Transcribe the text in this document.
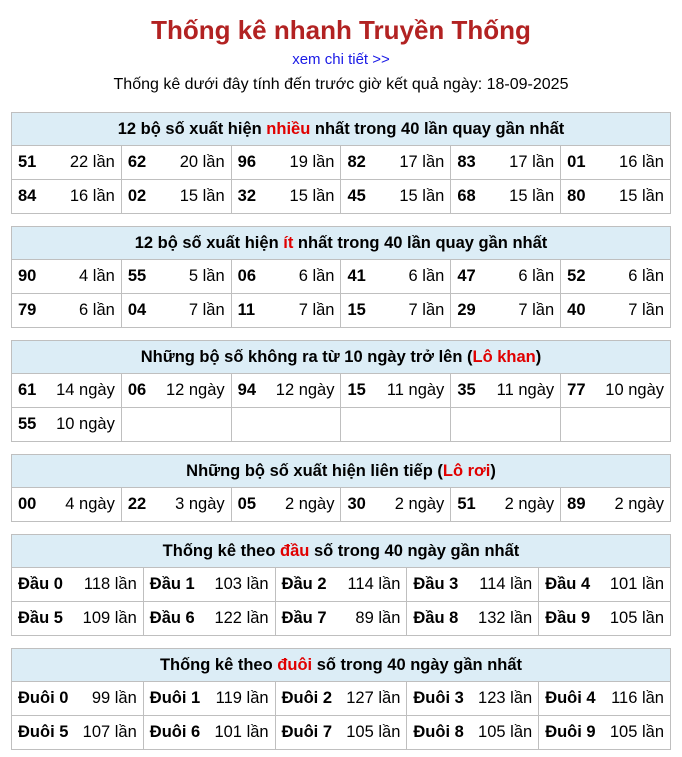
Thống kê nhanh Truyền Thống
xem chi tiết >>
Thống kê dưới đây tính đến trước giờ kết quả ngày: 18-09-2025
12 bộ số xuất hiện nhiều nhất trong 40 lần quay gần nhất					
51 22 lần	62 20 lần	96 19 lần	82 17 lần	83 17 lần	01 16 lần

84 16 lần	02 15 lần	32 15 lần	45 15 lần	68 15 lần	80 15 lần
12 bộ số xuất hiện ít nhất trong 40 lần quay gần nhất					
90 4 lần	55 5 lần	06 6 lần	41 6 lần	47 6 lần	52 6 lần

79 6 lần	04 7 lần	11 7 lần	15 7 lần	29 7 lần	40 7 lần
Những bộ số không ra từ 10 ngày trở lên (Lô khan)					
61 14 ngày	06 12 ngày	94 12 ngày	15 11 ngày	35 11 ngày	77 10 ngày

55 10 ngày					

Những bộ số xuất hiện liên tiếp (Lô rơi)
00 4 ngày	22 3 ngày	05 2 ngày	30 2 ngày	51 2 ngày	89 2 ngày
Thống kê theo đầu số trong 40 ngày gần nhất				
Đầu 0 118 lần	Đầu 1 103 lần	Đầu 2 114 lần	Đầu 3 114 lần	Đầu 4 101 lần

Đầu 5 109 lần	Đầu 6 122 lần	Đầu 7 89 lần	Đầu 8 132 lần	Đầu 9 105 lần
Thống kê theo đuôi số trong 40 ngày gần nhất				
Đuôi 0 99 lần	Đuôi 1 119 lần	Đuôi 2 127 lần	Đuôi 3 123 lần	Đuôi 4 116 lần

Đuôi 5 107 lần	Đuôi 6 101 lần	Đuôi 7 105 lần	Đuôi 8 105 lần	Đuôi 9 105 lần
